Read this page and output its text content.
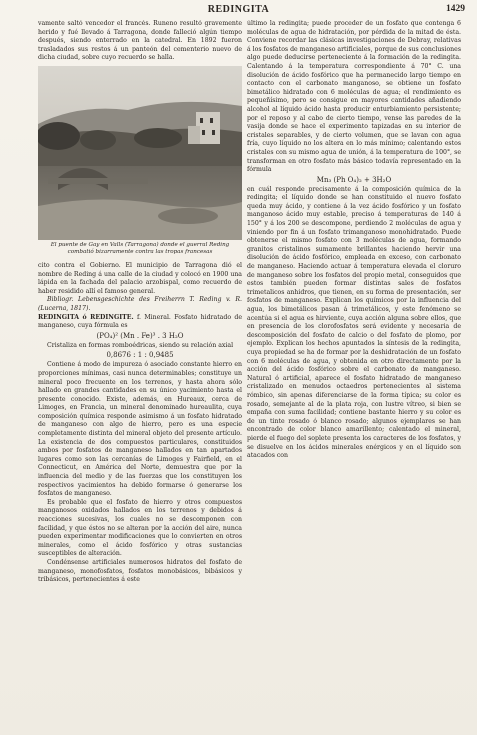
REDINGITA	1429

vamente saltó vencedor el francés. Runeno resultó gravemente herido y fué llevado á Tarragona, donde falleció algún tiempo después, siendo enterrado en la catedral. En 1892 fueron trasladados sus restos á un panteón del cementerio nuevo de dicha ciudad, sobre cuyo recuerdo se halla.

El puente de Gay en Valls (Tarragona) donde el guerral Reding combatió bizarramente contra las tropas francesas

cito contra el Gobierno. El municipio de Tarragona dió el nombre de Reding á una calle de la ciudad y colocó en 1900 una lápida en la fachada del palacio arzobispal, como recuerdo de haber residido allí el famoso general.

Bibliogr. Lebensgeschichte des Freiherrn T. Reding v. R. (Lucerna, 1817).

REDINGITA ó REDINGITE. f. Mineral. Fosfato hidratado de manganeso, cuya fórmula es

(PO₄)² (Mn . Fe)³ . 3 H₂O

Cristaliza en formas romboédricas, siendo su relación axial

0,8676 : 1 : 0,9485

Contiene á modo de impureza ó asociado constante hierro en proporciones mínimas, casi nunca determinables; constituye un mineral poco frecuente en los terrenos, y hasta ahora sólo hallado en grandes cantidades en su único yacimiento hasta el presente conocido. Existe, además, en Hureaux, cerca de Limoges, en Francia, un mineral denominado hureaulita, cuya composición química responde asimismo á un fosfato hidratado de manganeso con algo de hierro, pero es una especie completamente distinta del mineral objeto del presente artículo. La existencia de dos compuestos particulares, constituidos ambos por fosfatos de manganeso hallados en tan apartados lugares como son las cercanías de Limoges y Fairfield, en el Connecticut, en América del Norte, demuestra que por la influencia del medio y de las fuerzas que los constituyen los respectivos yacimientos ha debido formarse ó generarse los fosfatos de manganeso.

Es probable que el fosfato de hierro y otros compuestos manganosos oxidados hallados en los terrenos y debidos á reacciones sucesivas, los cuales no se descomponen con facilidad, y que éstos no se alteran por la acción del aire, nunca pueden experimentar modificaciones que lo convierten en otros minerales, como el ácido fosfórico y otras sustancias susceptibles de alteración.

Condénsense artificiales numerosos hidratos del fosfato de manganeso, monofosfatos, fosfatos monobásicos, bibásicos y tribásicos, pertenecientes á este

último la redingita; puede proceder de un fosfato que contenga 6 moléculas de agua de hidratación, por pérdida de la mitad de ésta. Conviene recordar las clásicas investigaciones de Debray, relativas á los fosfatos de manganeso artificiales, porque de sus conclusiones algo puede deducirse perteneciente á la formación de la redingita. Calentando á la temperatura correspondiente á 70° C. una disolución de ácido fosfórico que ha permanecido largo tiempo en contacto con el carbonato manganoso, se obtiene un fosfato bimetálico hidratado con 6 moléculas de agua; el rendimiento es pequeñísimo, pero se consigue en mayores cantidades añadiendo alcohol al líquido ácido hasta producir enturbiamiento persistente; por el reposo y al cabo de cierto tiempo, vense las paredes de la vasija donde se hace el experimento tapizadas en su interior de cristales separables, y de cierto volumen, que se lavan con agua fría, cuyo líquido no los altera en lo más mínimo; calentando estos cristales con su mismo agua de unión, á la temperatura de 100°, se transforman en otro fosfato más básico todavía representado en la fórmula

Mn₃ (Ph O₄)₂ + 3H₂O

en cuál responde precisamente á la composición química de la redingita; el líquido donde se han constituido el nuevo fosfato queda muy ácido, y contiene á la vez ácido fosfórico y un fosfato manganoso ácido muy estable, preciso á temperaturas de 140 á 150° y á los 200 se descompone, perdiendo 2 moléculas de agua y viniendo por fin á un fosfato trimanganoso monohidratado. Puede obtenerse el mismo fosfato con 3 moléculas de agua, formando granitos cristalinos sumamente brillantes haciendo hervir una disolución de ácido fosfórico, empleada en exceso, con carbonato de manganeso. Haciendo actuar á temperatura elevada el cloruro de manganeso sobre los fosfatos del propio metal, conseguidos que estos también pueden formar distintas sales de fosfatos trimetalicos anhidros, que tienen, en su forma de presentación, ser fosfatos de manganeso. Explican los químicos por la influencia del agua, los bimetálicos pasan á trimetálicos, y este fenómeno se acentúa si el agua es hirviente, cuya acción alguna sobre ellos, que en presencia de los clorofosfatos será evidente y necesaria de descomposición del fosfato de calcio o del fosfato de plomo, por ejemplo. Explican los hechos apuntados la síntesis de la redingita, cuya propiedad se ha de formar por la deshidratación de un fosfato con 6 moléculas de agua, y obtenida en otro directamente por la acción del ácido fosfórico sobre el carbonato de manganeso. Natural ó artificial, aparece el fosfato hidratado de manganeso cristalizado en menudos octaedros pertenecientes al sistema rómbico, sin apenas diferenciarse de la forma típica; su color es rosado, semejante al de la plata roja, con lustre vítreo, si bien se empaña con suma facilidad; contiene bastante hierro y su color es de un tinte rosado ó blanco rosado; algunos ejemplares se han encontrado de color blanco amarillento; calentado el mineral, pierde el fuego del soplete presenta los caracteres de los fosfatos, y se disuelve en los ácidos minerales enérgicos y en el líquido son atacados con
